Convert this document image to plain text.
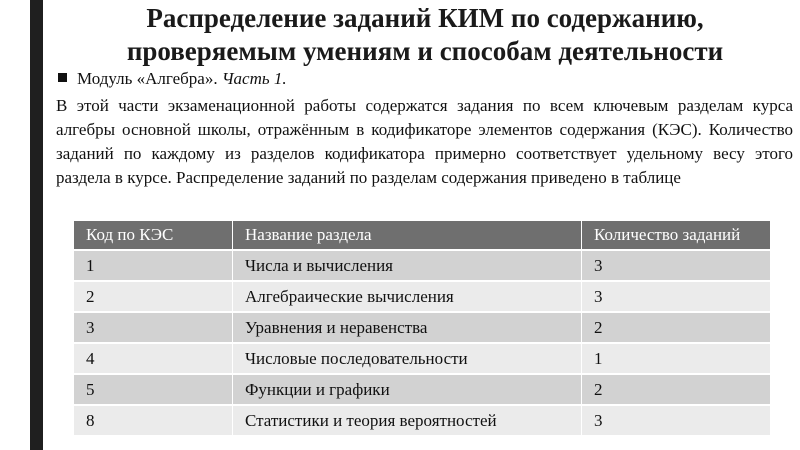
Распределение заданий КИМ по содержанию,
проверяемым умениям и способам деятельности
Модуль «Алгебра». Часть 1.
В этой части экзаменационной работы содержатся задания по всем ключевым разделам курса алгебры основной школы, отражённым в кодификаторе элементов содержания (КЭС). Количество заданий по каждому из разделов кодификатора примерно соответствует удельному весу этого раздела в курсе. Распределение заданий по разделам содержания приведено в таблице
Код по КЭС	Название раздела	Количество заданий
1	Числа и вычисления	3
2	Алгебраические вычисления	3
3	Уравнения и неравенства	2
4	Числовые последовательности	1
5	Функции и графики	2
8	Статистики и теория вероятностей	3
